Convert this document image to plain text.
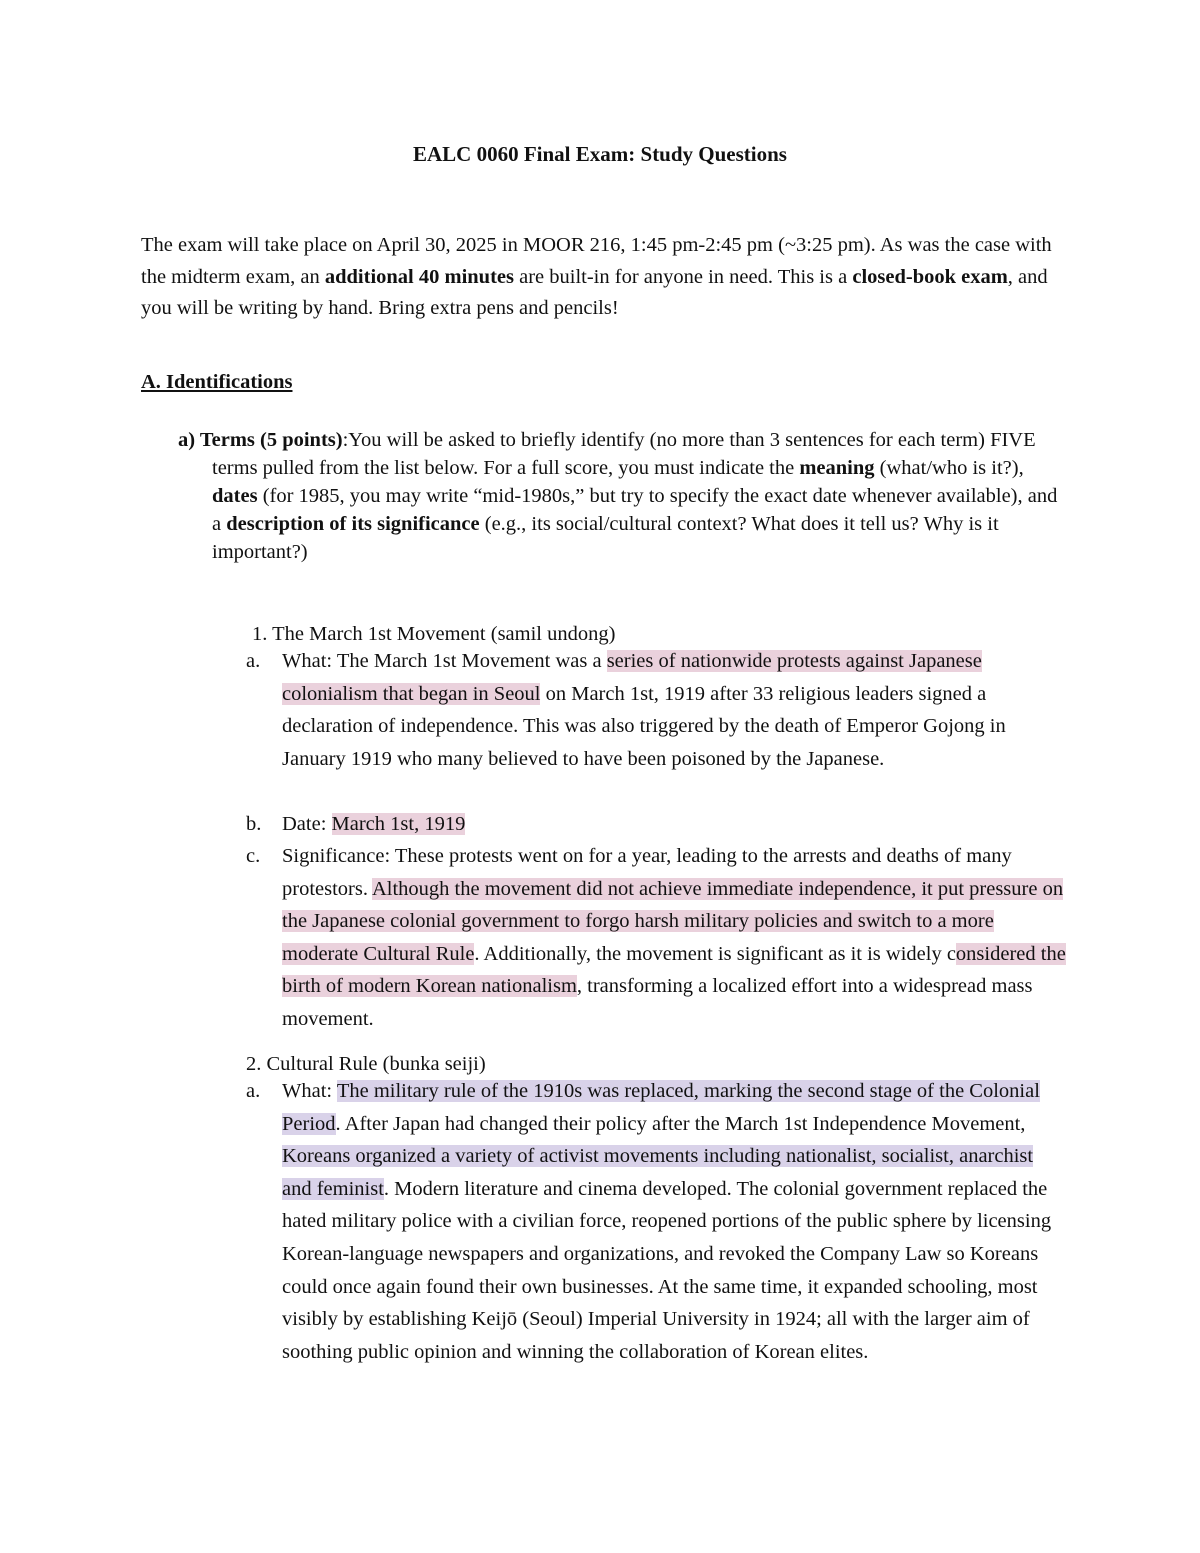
EALC 0060 Final Exam: Study Questions

The exam will take place on April 30, 2025 in MOOR 216, 1:45 pm-2:45 pm (~3:25 pm). As was the case with the midterm exam, an additional 40 minutes are built-in for anyone in need. This is a closed-book exam, and you will be writing by hand. Bring extra pens and pencils!

A. Identifications
a) Terms (5 points):You will be asked to briefly identify (no more than 3 sentences for each term) FIVE terms pulled from the list below. For a full score, you must indicate the meaning (what/who is it?), dates (for 1985, you may write “mid-1980s,” but try to specify the exact date whenever available), and a description of its significance (e.g., its social/cultural context? What does it tell us? Why is it important?)
1. The March 1st Movement (samil undong)
a.	What: The March 1st Movement was a series of nationwide protests against Japanese colonialism that began in Seoul on March 1st, 1919 after 33 religious leaders signed a declaration of independence. This was also triggered by the death of Emperor Gojong in January 1919 who many believed to have been poisoned by the Japanese.
b.	Date: March 1st, 1919
c.	Significance: These protests went on for a year, leading to the arrests and deaths of many protestors. Although the movement did not achieve immediate independence, it put pressure on the Japanese colonial government to forgo harsh military policies and switch to a more moderate Cultural Rule. Additionally, the movement is significant as it is widely considered the birth of modern Korean nationalism, transforming a localized effort into a widespread mass movement.
2. Cultural Rule (bunka seiji)
a.	What: The military rule of the 1910s was replaced, marking the second stage of the Colonial Period. After Japan had changed their policy after the March 1st Independence Movement, Koreans organized a variety of activist movements including nationalist, socialist, anarchist and feminist. Modern literature and cinema developed. The colonial government replaced the hated military police with a civilian force, reopened portions of the public sphere by licensing Korean-language newspapers and organizations, and revoked the Company Law so Koreans could once again found their own businesses. At the same time, it expanded schooling, most visibly by establishing Keijō (Seoul) Imperial University in 1924; all with the larger aim of soothing public opinion and winning the collaboration of Korean elites.
